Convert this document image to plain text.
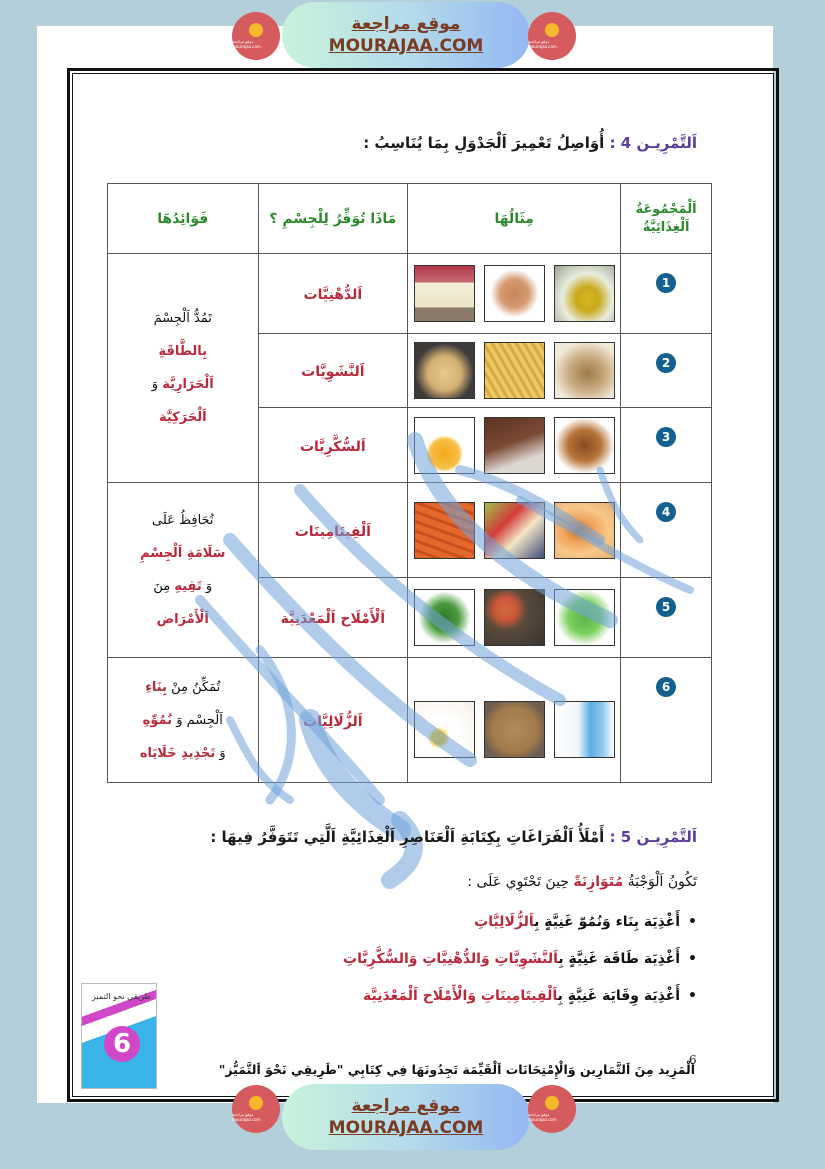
موقع مراجعة mourajaa.com
موقع مراجعة
MOURAJAA.COM	موقع مراجعة mourajaa.com
اَلتَّمْرِيـن 4 : أُوَاصِلُ تَعْمِيرَ اَلْجَدْوَلِ بِمَا يُنَاسِبُ :
فَوَائِدُهَا	مَاذَا تُوَفِّرُ لِلْجِسْمِ ؟	مِثَالُهَا	اَلْمَجْمُوعَةُ اَلْغِذَائِيَّةُ

تَمُدُّ اَلْجِسْمَ
بِالطَّاقَةِ
اَلْحَرَارِيَّة وَ
اَلْحَرَكِيَّة	اَلدُّهْنِيَّات		1
	اَلنَّشَوِيَّات		2
	اَلسُّكَّرِيَّات		3

تُحَافِظُ عَلَى
سَلَامَةِ اَلْجِسْمِ
وَ تَقِيهِ مِنَ
اَلْأَمْرَاض	اَلْفِيتَامِينَات		4
	اَلْأَمْلَاح اَلْمَعْدَنِيَّة		5

تُمَكِّنُ مِنْ بِنَاءِ
اَلْجِسْم وَ نُمُوِّهِ
وَ تَجْدِيدِ خَلَايَاه	اَلزُّلَالِيَّات		6
اَلتَّمْرِيـن 5 : أَمْلَأُ اَلْفَرَاغَاتِ بِكِتَابَةِ اَلْعَنَاصِرِ اَلْغِذَائِيَّةِ اَلَّتِي تَتَوَفَّرُ فِيهَا :
تَكُونُ اَلْوَجْبَةُ مُتَوَازِنَةً حِينَ تَحْتَوِي عَلَى :
• أَغْذِيَة بِنَاء وَنُمُوّ غَنِيَّةٍ بِاَلزُّلَالِيَّاتِ
• أَغْذِيَة طَاقَة غَنِيَّةٍ بِاَلنَّشَوِيَّاتِ وَالدُّهْنِيَّاتِ وَالسُّكَّرِيَّاتِ
• أَغْذِيَة وِقَايَة غَنِيَّةٍ بِاَلْفِيتَامِينَاتِ وَالْأَمْلَاح اَلْمَعْدَنِيَّة
طريقي نحو التميز
6
اَلْمَزِيد مِنَ اَلتَّمَارِين وَالْإِمْتِحَانَات اَلْقَيِّمَة تَجِدُونَهَا فِي كِتَابِي "طَرِيقِي نَحْوَ اَلتَّمَيُّز"
6
موقع مراجعة mourajaa.com
موقع مراجعة
MOURAJAA.COM
موقع مراجعة mourajaa.com
